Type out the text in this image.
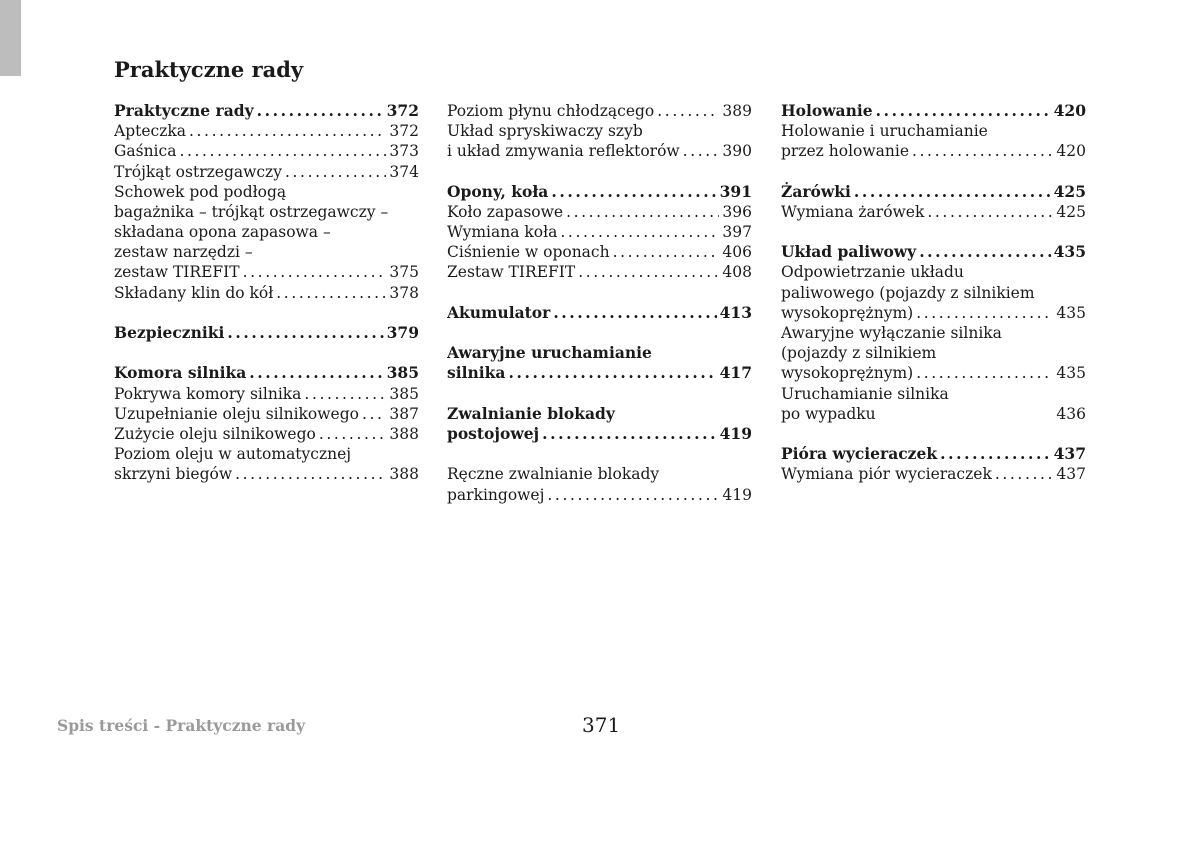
Praktyczne rady
Praktyczne rady .....	372
Apteczka .....	372
Gaśnica .....	373
Trójkąt ostrzegawczy .....	374
Schowek pod podłogą
bagażnika – trójkąt ostrzegawczy –
składana opona zapasowa –
zestaw narzędzi –
zestaw TIREFIT .....	375
Składany klin do kół .....	378
Bezpieczniki .....	379
Komora silnika .....	385
Pokrywa komory silnika .....	385
Uzupełnianie oleju silnikowego ..... 387
Zużycie oleju silnikowego .....	388
Poziom oleju w automatycznej
skrzyni biegów .....	388
Poziom płynu chłodzącego .....	389
Układ spryskiwaczy szyb
i układ zmywania reflektorów .....	390
Opony, koła .....	391
Koło zapasowe .....	396
Wymiana koła .....	397
Ciśnienie w oponach .....	406
Zestaw TIREFIT .....	408
Akumulator .....	413
Awaryjne uruchamianie
silnika .....	417
Zwalnianie blokady
postojowej .....	419
Ręczne zwalnianie blokady
parkingowej .....	419
Holowanie .....	420
Holowanie i uruchamianie
przez holowanie .....	420
Żarówki .....	425
Wymiana żarówek .....	425
Układ paliwowy .....	435
Odpowietrzanie układu
paliwowego (pojazdy z silnikiem
wysokoprężnym) .....	435
Awaryjne wyłączanie silnika
(pojazdy z silnikiem
wysokoprężnym) .....	435
Uruchamianie silnika
po wypadku	436
Pióra wycieraczek .....	437
Wymiana piór wycieraczek .....	437
Spis treści - Praktyczne rady	371
